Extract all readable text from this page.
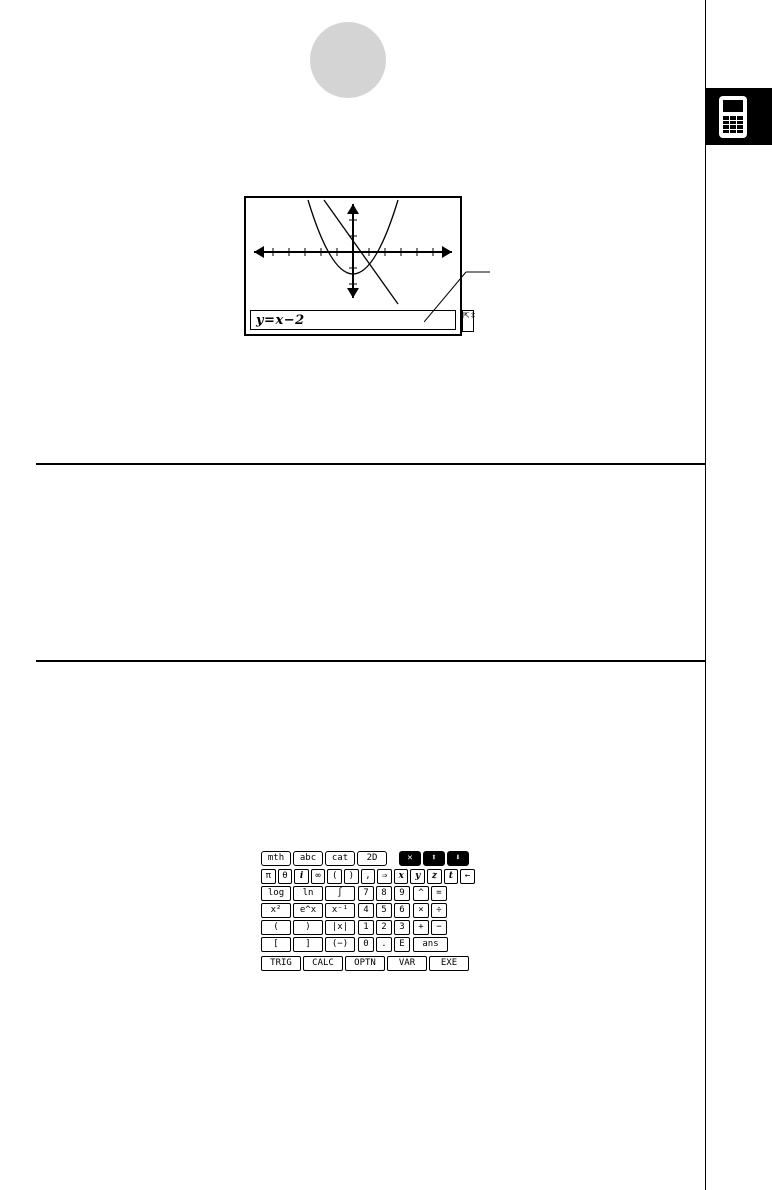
y=x−2	⇱⇳
mth	abc	cat	2D	✕	⬆	⬇
π	θ	i	∞	(	)	,	⇒	x	y	z	t	←
log	ln	∫
x²	e^x	x⁻¹
(	)	|x|
[	]	(−)
7	8	9
4	5	6
1	2	3
0	.	E
^	=
×	÷
+	−
ans
TRIG	CALC	OPTN	VAR	EXE
